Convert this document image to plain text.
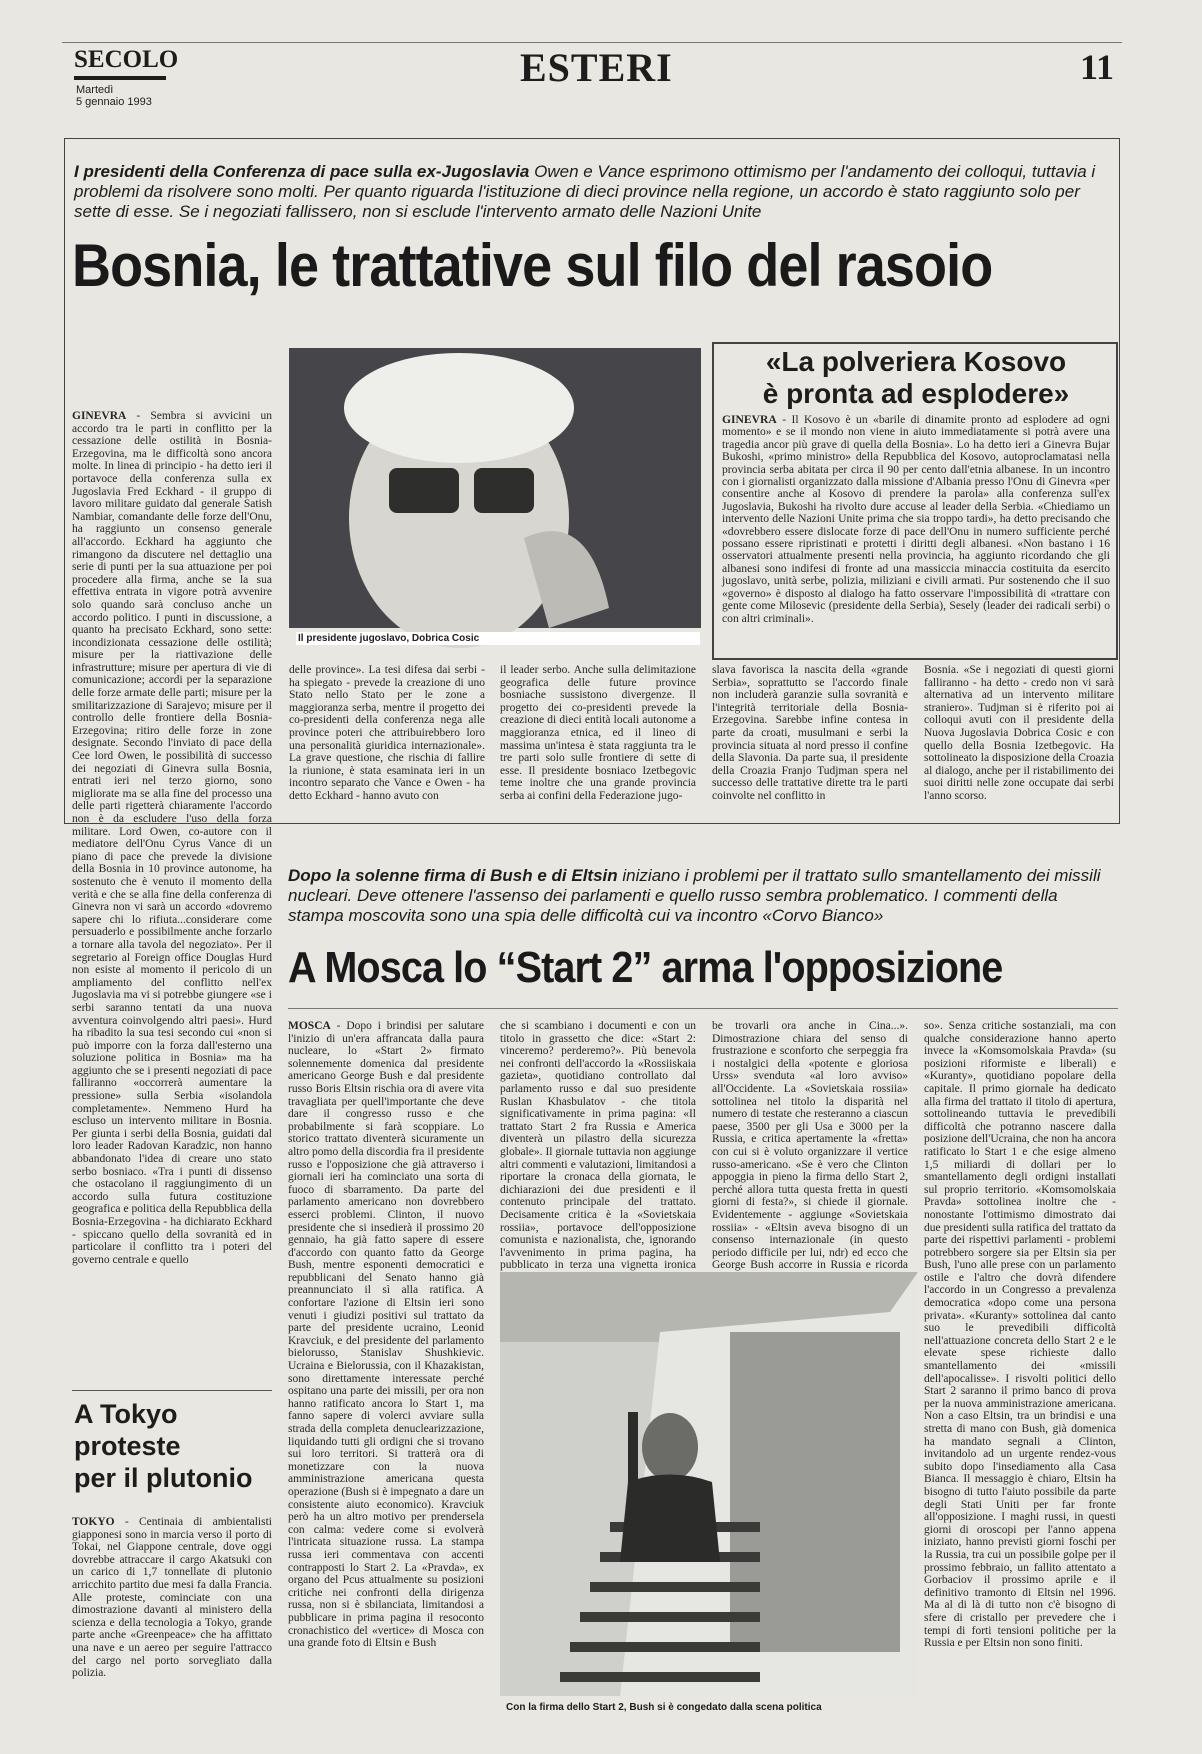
SECOLO
Martedì
5 gennaio 1993
ESTERI	11
I presidenti della Conferenza di pace sulla ex-Jugoslavia Owen e Vance esprimono ottimismo per l'andamento dei colloqui, tuttavia i problemi da risolvere sono molti. Per quanto riguarda l'istituzione di dieci province nella regione, un accordo è stato raggiunto solo per sette di esse. Se i negoziati fallissero, non si esclude l'intervento armato delle Nazioni Unite
Bosnia, le trattative sul filo del rasoio
Il presidente jugoslavo, Dobrica Cosic
GINEVRA - Sembra si avvicini un accordo tra le parti in conflitto per la cessazione delle ostilità in Bosnia-Erzegovina, ma le difficoltà sono ancora molte. In linea di principio - ha detto ieri il portavoce della conferenza sulla ex Jugoslavia Fred Eckhard - il gruppo di lavoro militare guidato dal generale Satish Nambiar, comandante delle forze dell'Onu, ha raggiunto un consenso generale all'accordo. Eckhard ha aggiunto che rimangono da discutere nel dettaglio una serie di punti per la sua attuazione per poi procedere alla firma, anche se la sua effettiva entrata in vigore potrà avvenire solo quando sarà concluso anche un accordo politico. I punti in discussione, a quanto ha precisato Eckhard, sono sette: incondizionata cessazione delle ostilità; misure per la riattivazione delle infrastrutture; misure per apertura di vie di comunicazione; accordi per la separazione delle forze armate delle parti; misure per la smilitarizzazione di Sarajevo; misure per il controllo delle frontiere della Bosnia-Erzegovina; ritiro delle forze in zone designate. Secondo l'inviato di pace della Cee lord Owen, le possibilità di successo dei negoziati di Ginevra sulla Bosnia, entrati ieri nel terzo giorno, sono migliorate ma se alla fine del processo una delle parti rigetterà chiaramente l'accordo non è da escludere l'uso della forza militare. Lord Owen, co-autore con il mediatore dell'Onu Cyrus Vance di un piano di pace che prevede la divisione della Bosnia in 10 province autonome, ha sostenuto che è venuto il momento della verità e che se alla fine della conferenza di Ginevra non vi sarà un accordo «dovremo sapere chi lo rifiuta...considerare come persuaderlo e possibilmente anche forzarlo a tornare alla tavola del negoziato». Per il segretario al Foreign office Douglas Hurd non esiste al momento il pericolo di un ampliamento del conflitto nell'ex Jugoslavia ma vi si potrebbe giungere «se i serbi saranno tentati da una nuova avventura coinvolgendo altri paesi». Hurd ha ribadito la sua tesi secondo cui «non si può imporre con la forza dall'esterno una soluzione politica in Bosnia» ma ha aggiunto che se i presenti negoziati di pace falliranno «occorrerà aumentare la pressione» sulla Serbia «isolandola completamente». Nemmeno Hurd ha escluso un intervento militare in Bosnia. Per giunta i serbi della Bosnia, guidati dal loro leader Radovan Karadzic, non hanno abbandonato l'idea di creare uno stato serbo bosniaco. «Tra i punti di dissenso che ostacolano il raggiungimento di un accordo sulla futura costituzione geografica e politica della Repubblica della Bosnia-Erzegovina - ha dichiarato Eckhard - spiccano quello della sovranità ed in particolare il conflitto tra i poteri del governo centrale e quello
delle province». La tesi difesa dai serbi - ha spiegato - prevede la creazione di uno Stato nello Stato per le zone a maggioranza serba, mentre il progetto dei co-presidenti della conferenza nega alle province poteri che attribuirebbero loro una personalità giuridica internazionale». La grave questione, che rischia di fallire la riunione, è stata esaminata ieri in un incontro separato che Vance e Owen - ha detto Eckhard - hanno avuto con
il leader serbo. Anche sulla delimitazione geografica delle future province bosniache sussistono divergenze. Il progetto dei co-presidenti prevede la creazione di dieci entità locali autonome a maggioranza etnica, ed il lineo di massima un'intesa è stata raggiunta tra le tre parti solo sulle frontiere di sette di esse. Il presidente bosniaco Izetbegovic teme inoltre che una grande provincia serba ai confini della Federazione jugo-
slava favorisca la nascita della «grande Serbia», soprattutto se l'accordo finale non includerà garanzie sulla sovranità e l'integrità territoriale della Bosnia-Erzegovina. Sarebbe infine contesa in parte da croati, musulmani e serbi la provincia situata al nord presso il confine della Slavonia. Da parte sua, il presidente della Croazia Franjo Tudjman spera nel successo delle trattative dirette tra le parti coinvolte nel conflitto in
Bosnia. «Se i negoziati di questi giorni falliranno - ha detto - credo non vi sarà alternativa ad un intervento militare straniero». Tudjman si è riferito poi ai colloqui avuti con il presidente della Nuova Jugoslavia Dobrica Cosic e con quello della Bosnia Izetbegovic. Ha sottolineato la disposizione della Croazia al dialogo, anche per il ristabilimento dei suoi diritti nelle zone occupate dai serbi l'anno scorso.
«La polveriera Kosovo
è pronta ad esplodere»
GINEVRA - Il Kosovo è un «barile di dinamite pronto ad esplodere ad ogni momento» e se il mondo non viene in aiuto immediatamente si potrà avere una tragedia ancor più grave di quella della Bosnia». Lo ha detto ieri a Ginevra Bujar Bukoshi, «primo ministro» della Repubblica del Kosovo, autoproclamatasi nella provincia serba abitata per circa il 90 per cento dall'etnia albanese. In un incontro con i giornalisti organizzato dalla missione d'Albania presso l'Onu di Ginevra «per consentire anche al Kosovo di prendere la parola» alla conferenza sull'ex Jugoslavia, Bukoshi ha rivolto dure accuse al leader della Serbia. «Chiediamo un intervento delle Nazioni Unite prima che sia troppo tardi», ha detto precisando che «dovrebbero essere dislocate forze di pace dell'Onu in numero sufficiente perché possano essere ripristinati e protetti i diritti degli albanesi. «Non bastano i 16 osservatori attualmente presenti nella provincia, ha aggiunto ricordando che gli albanesi sono indifesi di fronte ad una massiccia minaccia costituita da esercito jugoslavo, unità serbe, polizia, miliziani e civili armati. Pur sostenendo che il suo «governo» è disposto al dialogo ha fatto osservare l'impossibilità di «trattare con gente come Milosevic (presidente della Serbia), Sesely (leader dei radicali serbi) o con altri criminali».
Dopo la solenne firma di Bush e di Eltsin iniziano i problemi per il trattato sullo smantellamento dei missili nucleari. Deve ottenere l'assenso dei parlamenti e quello russo sembra problematico. I commenti della stampa moscovita sono una spia delle difficoltà cui va incontro «Corvo Bianco»
A Mosca lo “Start 2” arma l'opposizione
MOSCA - Dopo i brindisi per salutare l'inizio di un'era affrancata dalla paura nucleare, lo «Start 2» firmato solennemente domenica dal presidente americano George Bush e dal presidente russo Boris Eltsin rischia ora di avere vita travagliata per quell'importante che deve dare il congresso russo e che probabilmente si farà scoppiare. Lo storico trattato diventerà sicuramente un altro pomo della discordia fra il presidente russo e l'opposizione che già attraverso i giornali ieri ha cominciato una sorta di fuoco di sbarramento. Da parte del parlamento americano non dovrebbero esserci problemi. Clinton, il nuovo presidente che si insedierà il prossimo 20 gennaio, ha già fatto sapere di essere d'accordo con quanto fatto da George Bush, mentre esponenti democratici e repubblicani del Senato hanno già preannunciato il sì alla ratifica. A confortare l'azione di Eltsin ieri sono venuti i giudizi positivi sul trattato da parte del presidente ucraino, Leonid Kravciuk, e del presidente del parlamento bielorusso, Stanislav Shushkievic. Ucraina e Bielorussia, con il Khazakistan, sono direttamente interessate perché ospitano una parte dei missili, per ora non hanno ratificato ancora lo Start 1, ma fanno sapere di volerci avviare sulla strada della completa denuclearizzazione, liquidando tutti gli ordigni che si trovano sui loro territori. Si tratterà ora di monetizzare con la nuova amministrazione americana questa operazione (Bush si è impegnato a dare un consistente aiuto economico). Kravciuk però ha un altro motivo per prendersela con calma: vedere come si evolverà l'intricata situazione russa. La stampa russa ieri commentava con accenti contrapposti lo Start 2. La «Pravda», ex organo del Pcus attualmente su posizioni critiche nei confronti della dirigenza russa, non si è sbilanciata, limitandosi a pubblicare in prima pagina il resoconto cronachistico del «vertice» di Mosca con una grande foto di Eltsin e Bush
che si scambiano i documenti e con un titolo in grassetto che dice: «Start 2: vinceremo? perderemo?». Più benevola nei confronti dell'accordo la «Rossiiskaia gazieta», quotidiano controllato dal parlamento russo e dal suo presidente Ruslan Khasbulatov - che titola significativamente in prima pagina: «Il trattato Start 2 fra Russia e America diventerà un pilastro della sicurezza globale». Il giornale tuttavia non aggiunge altri commenti e valutazioni, limitandosi a riportare la cronaca della giornata, le dichiarazioni dei due presidenti e il contenuto principale del trattato. Decisamente critica è la «Sovietskaia rossiia», portavoce dell'opposizione comunista e nazionalista, che, ignorando l'avvenimento in prima pagina, ha pubblicato in terza una vignetta ironica
be trovarli ora anche in Cina...». Dimostrazione chiara del senso di frustrazione e sconforto che serpeggia fra i nostalgici della «potente e gloriosa Urss» svenduta «al loro avviso» all'Occidente. La «Sovietskaia rossiia» sottolinea nel titolo la disparità nel numero di testate che resteranno a ciascun paese, 3500 per gli Usa e 3000 per la Russia, e critica apertamente la «fretta» con cui si è voluto organizzare il vertice russo-americano. «Se è vero che Clinton appoggia in pieno la firma dello Start 2, perché allora tutta questa fretta in questi giorni di festa?», si chiede il giornale. Evidentemente - aggiunge «Sovietskaia rossiia» - «Eltsin aveva bisogno di un consenso internazionale (in questo periodo difficile per lui, ndr) ed ecco che George Bush accorre in Russia e ricorda
so». Senza critiche sostanziali, ma con qualche considerazione hanno aperto invece la «Komsomolskaia Pravda» (su posizioni riformiste e liberali) e «Kuranty», quotidiano popolare della capitale. Il primo giornale ha dedicato alla firma del trattato il titolo di apertura, sottolineando tuttavia le prevedibili difficoltà che potranno nascere dalla posizione dell'Ucraina, che non ha ancora ratificato lo Start 1 e che esige almeno 1,5 miliardi di dollari per lo smantellamento degli ordigni installati sul proprio territorio. «Komsomolskaia Pravda» sottolinea inoltre che - nonostante l'ottimismo dimostrato dai due presidenti sulla ratifica del trattato da parte dei rispettivi parlamenti - problemi potrebbero sorgere sia per Eltsin sia per Bush, l'uno alle prese con un parlamento ostile e l'altro che dovrà difendere l'accordo in un Congresso a prevalenza democratica «dopo come una persona privata». «Kuranty» sottolinea dal canto suo le prevedibili difficoltà nell'attuazione concreta dello Start 2 e le elevate spese richieste dallo smantellamento dei «missili dell'apocalisse». I risvolti politici dello Start 2 saranno il primo banco di prova per la nuova amministrazione americana. Non a caso Eltsin, tra un brindisi e una stretta di mano con Bush, già domenica ha mandato segnali a Clinton, invitandolo ad un urgente rendez-vous subito dopo l'insediamento alla Casa Bianca. Il messaggio è chiaro, Eltsin ha bisogno di tutto l'aiuto possibile da parte degli Stati Uniti per far fronte all'opposizione. I maghi russi, in questi giorni di oroscopi per l'anno appena iniziato, hanno previsti giorni foschi per la Russia, tra cui un possibile golpe per il prossimo febbraio, un fallito attentato a Gorbaciov il prossimo aprile e il definitivo tramonto di Eltsin nel 1996. Ma al di là di tutto non c'è bisogno di sfere di cristallo per prevedere che i tempi di forti tensioni politiche per la Russia e per Eltsin non sono finiti.
Con la firma dello Start 2, Bush si è congedato dalla scena politica
A Tokyo
proteste
per il plutonio
TOKYO - Centinaia di ambientalisti giapponesi sono in marcia verso il porto di Tokai, nel Giappone centrale, dove oggi dovrebbe attraccare il cargo Akatsuki con un carico di 1,7 tonnellate di plutonio arricchito partito due mesi fa dalla Francia. Alle proteste, cominciate con una dimostrazione davanti al ministero della scienza e della tecnologia a Tokyo, grande parte anche «Greenpeace» che ha affittato una nave e un aereo per seguire l'attracco del cargo nel porto sorvegliato dalla polizia.
